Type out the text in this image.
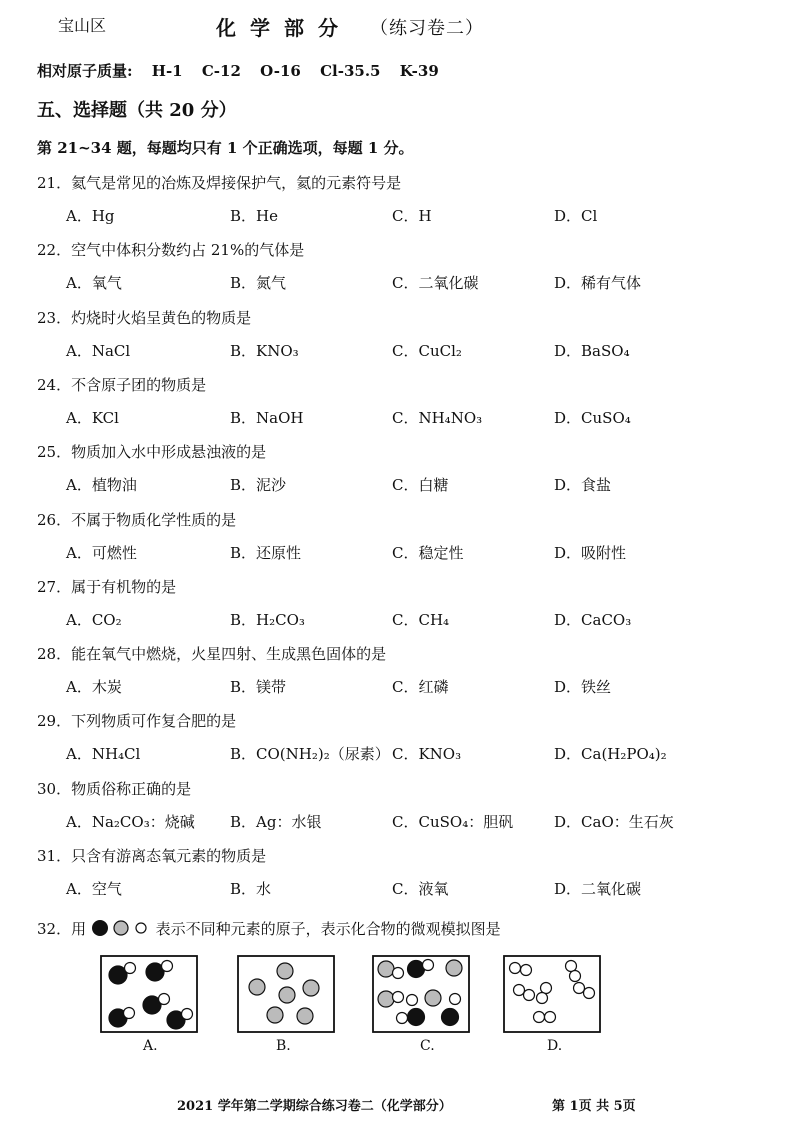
宝山区	化学部分 （练习卷二）
相对原子质量: H-1 C-12 O-16 Cl-35.5 K-39
五、选择题（共 20 分）
第 21~34 题，每题均只有 1 个正确选项，每题 1 分。
21．氦气是常见的冶炼及焊接保护气，氦的元素符号是
A．Hg	B．He	C．H	D．Cl
22．空气中体积分数约占 21%的气体是
A．氧气	B．氮气	C．二氧化碳	D．稀有气体
23．灼烧时火焰呈黄色的物质是
A．NaCl	B．KNO₃	C．CuCl₂	D．BaSO₄
24．不含原子团的物质是
A．KCl	B．NaOH	C．NH₄NO₃	D．CuSO₄
25．物质加入水中形成悬浊液的是
A．植物油	B．泥沙	C．白糖	D．食盐
26．不属于物质化学性质的是
A．可燃性	B．还原性	C．稳定性	D．吸附性
27．属于有机物的是
A．CO₂	B．H₂CO₃	C．CH₄	D．CaCO₃
28．能在氧气中燃烧，火星四射、生成黑色固体的是
A．木炭	B．镁带	C．红磷	D．铁丝
29．下列物质可作复合肥的是
A．NH₄Cl	B．CO(NH₂)₂（尿素） C．KNO₃	D．Ca(H₂PO₄)₂
30．物质俗称正确的是
A．Na₂CO₃：烧碱 B．Ag：水银	C．CuSO₄：胆矾	D．CaO：生石灰
31．只含有游离态氧元素的物质是
A．空气	B．水	C．液氧	D．二氧化碳
32．用	表示不同种元素的原子，表示化合物的微观模拟图是
A.	B.	C.	D.
2021 学年第二学期综合练习卷二（化学部分）	第 1页 共 5页
